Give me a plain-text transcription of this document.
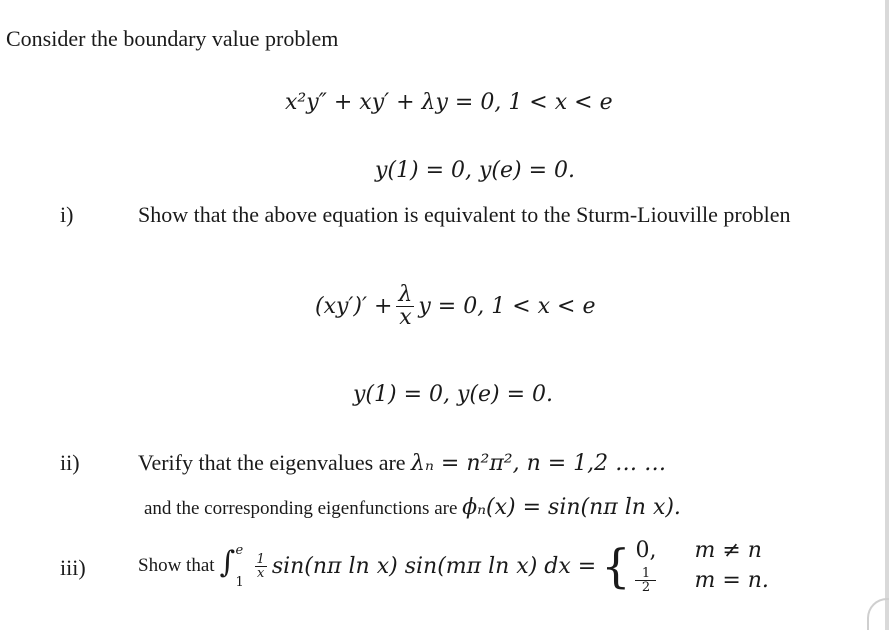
Consider the boundary value problem
x²y″ + xy′ + λy = 0, 1 < x < e
y(1) = 0, y(e) = 0.
i)	Show that the above equation is equivalent to the Sturm-Liouville problen
$(xy')' + \frac{\lambda}{x}$ y = 0, 1 < x < e
y(1) = 0, y(e) = 0.
ii)	Verify that the eigenvalues are λₙ = n²π², n = 1,2 … …
and the corresponding eigenfunctions are ϕₙ(x) = sin(nπ ln x).
iii)	Show that ∫ e
1
$\frac{1}{x} \sin(n\pi$ ln x) sin(mπ ln x) dx = { 0, m ≠ n
$\frac{1}{2}$ m = n.
